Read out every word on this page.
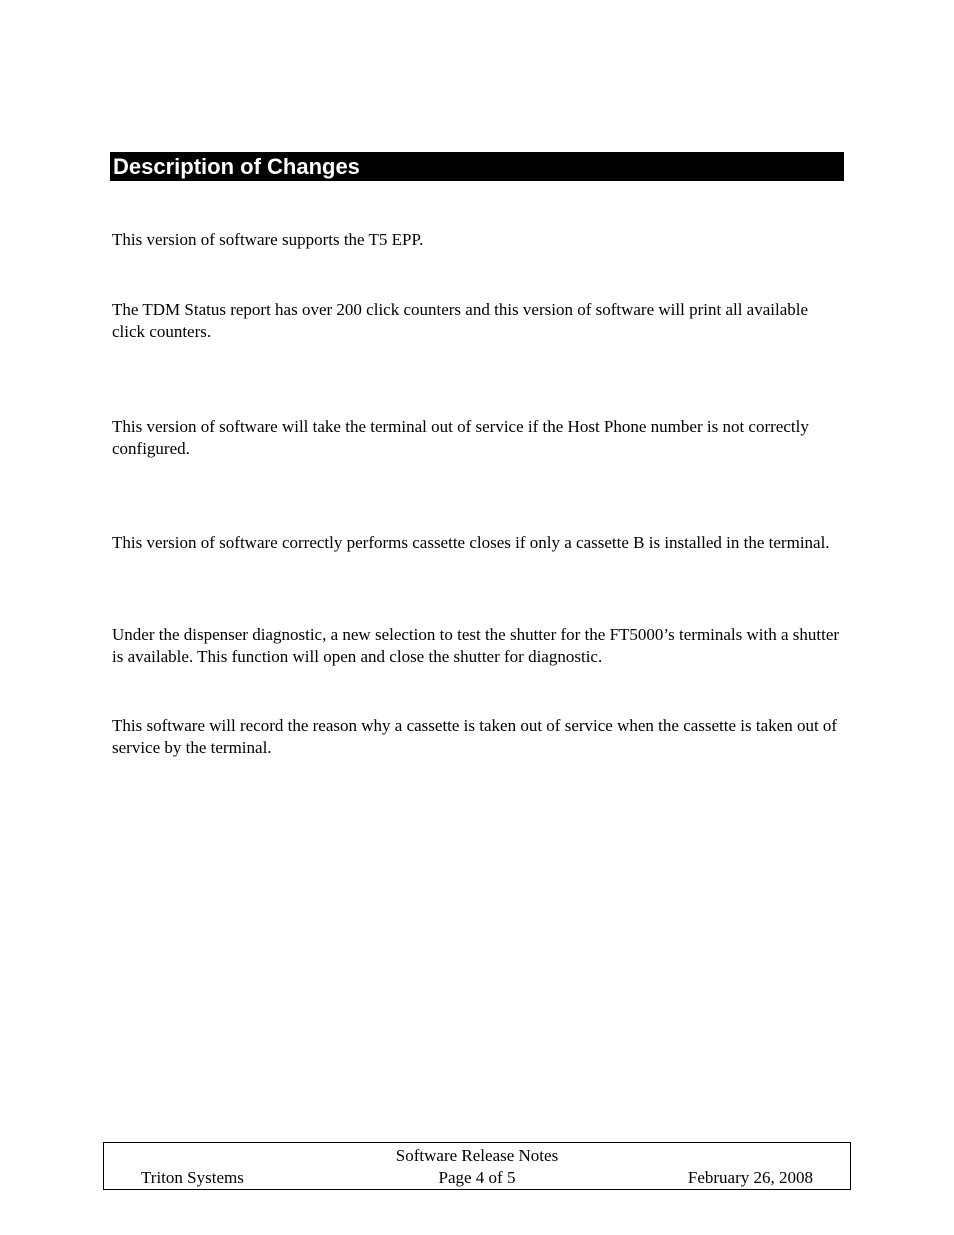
Description of Changes

This version of software supports the T5 EPP.

The TDM Status report has over 200 click counters and this version of software will print all available click counters.

This version of software will take the terminal out of service if the Host Phone number is not correctly configured.

This version of software correctly performs cassette closes if only a cassette B is installed in the terminal.

Under the dispenser diagnostic, a new selection to test the shutter for the FT5000’s terminals with a shutter is available. This function will open and close the shutter for diagnostic.

This software will record the reason why a cassette is taken out of service when the cassette is taken out of service by the terminal.

Software Release Notes
Triton Systems	Page 4 of 5	February 26, 2008
